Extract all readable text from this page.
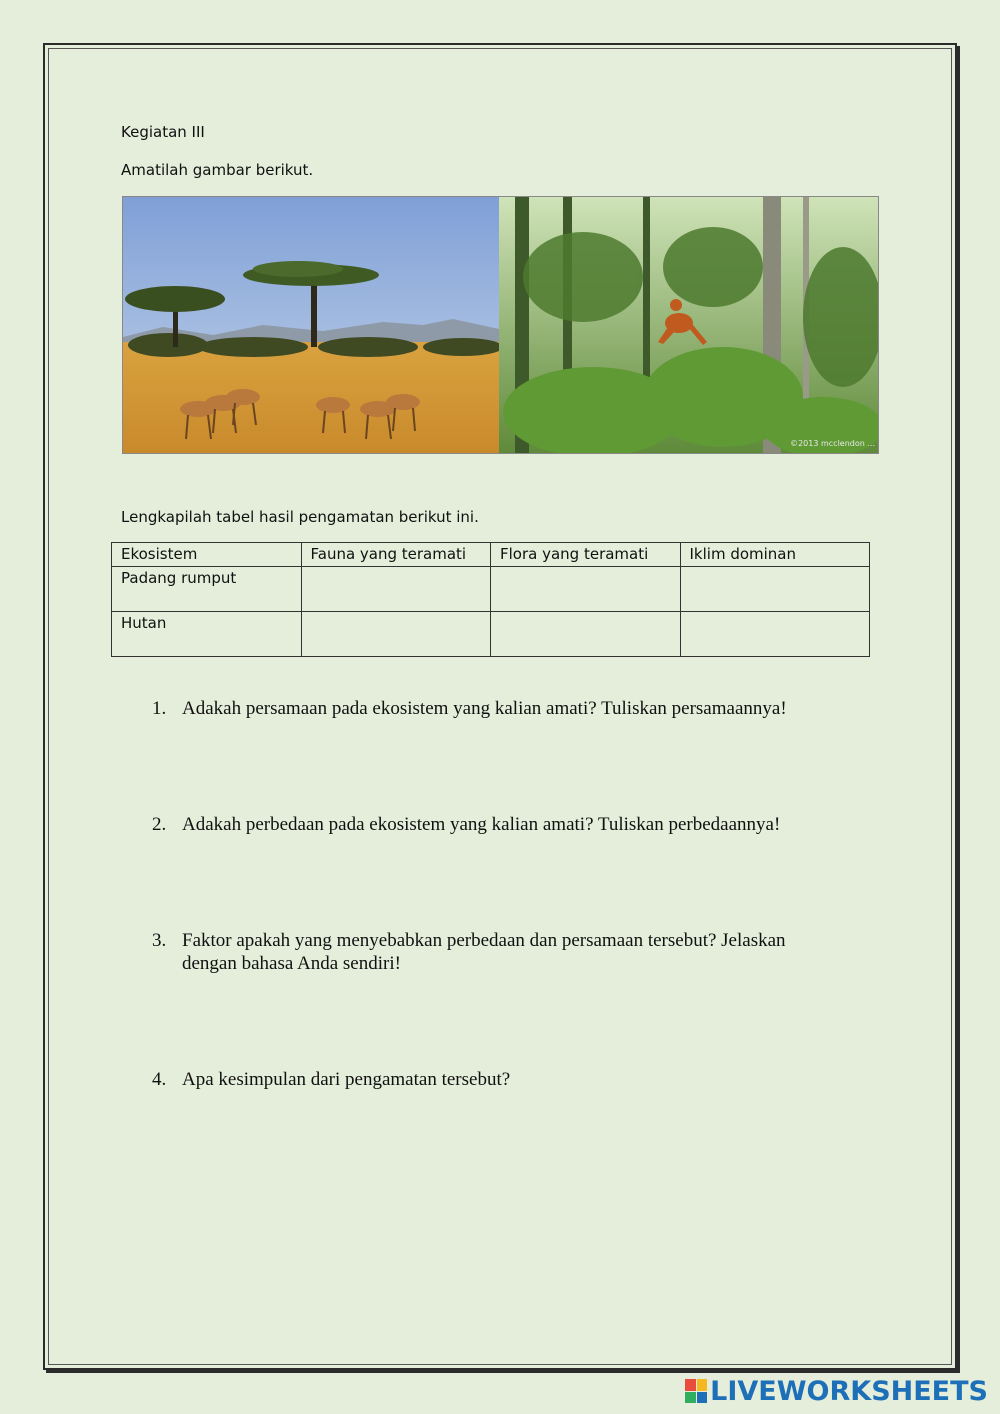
Kegiatan III
Amatilah gambar berikut.
©2013 mcclendon ...
Lengkapilah tabel hasil pengamatan berikut ini.
Ekosistem	Fauna yang teramati	Flora yang teramati	Iklim dominan
Padang rumput			
Hutan			
1. Adakah persamaan pada ekosistem yang kalian amati? Tuliskan persamaannya!
2. Adakah perbedaan pada ekosistem yang kalian amati? Tuliskan perbedaannya!
3. Faktor apakah yang menyebabkan perbedaan dan persamaan tersebut? Jelaskan dengan bahasa Anda sendiri!
4. Apa kesimpulan dari pengamatan tersebut?
LIVEWORKSHEETS
